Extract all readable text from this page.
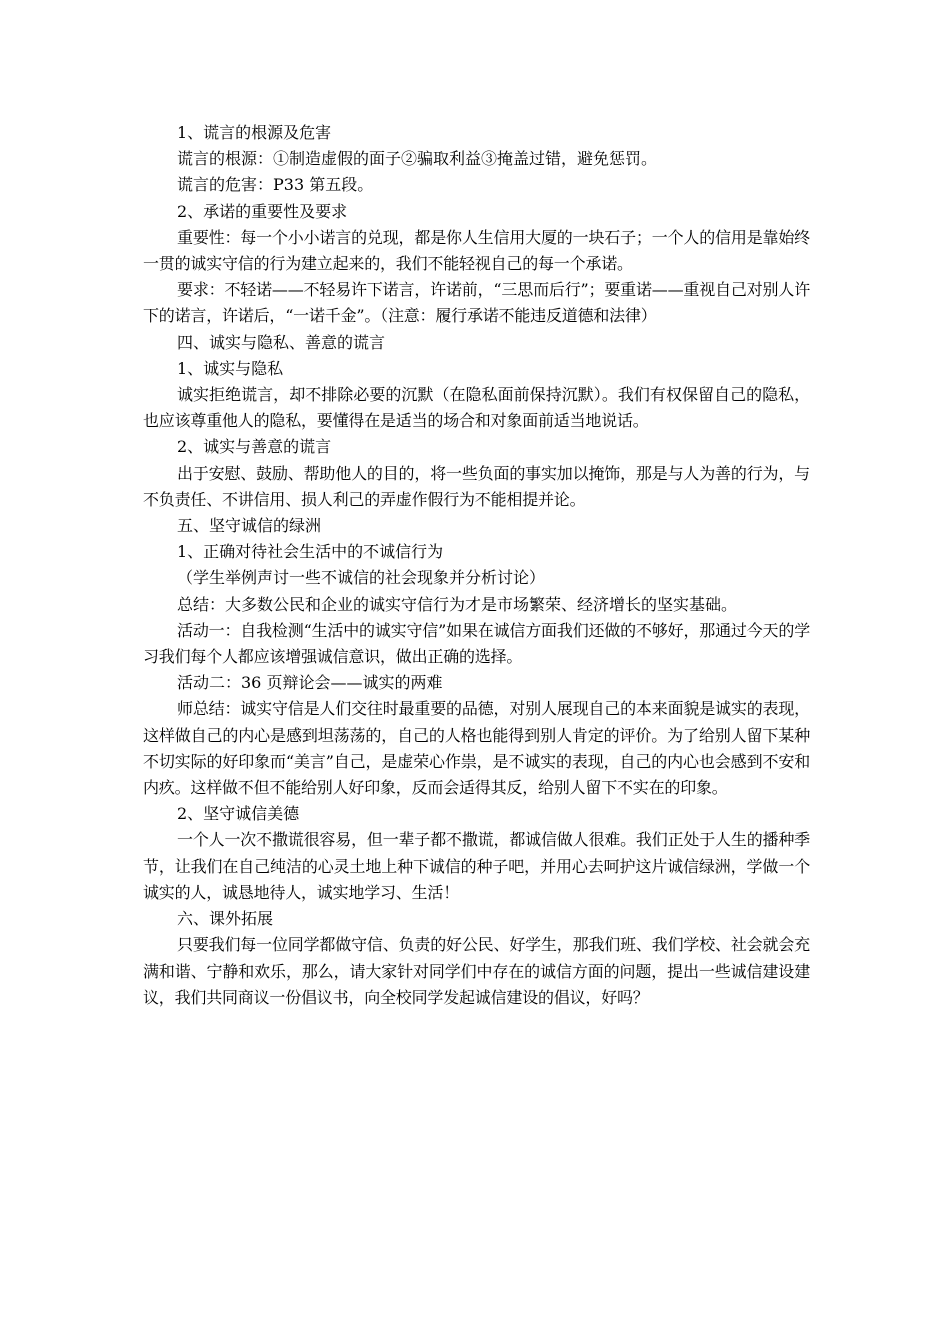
1、谎言的根源及危害

谎言的根源：①制造虚假的面子②骗取利益③掩盖过错，避免惩罚。

谎言的危害：P33 第五段。

2、承诺的重要性及要求

重要性：每一个小小诺言的兑现，都是你人生信用大厦的一块石子；一个人的信用是靠始终一贯的诚实守信的行为建立起来的，我们不能轻视自己的每一个承诺。

要求：不轻诺——不轻易许下诺言，许诺前，“三思而后行”；要重诺——重视自己对别人许下的诺言，许诺后，“一诺千金”。（注意：履行承诺不能违反道德和法律）

四、诚实与隐私、善意的谎言

1、诚实与隐私

诚实拒绝谎言，却不排除必要的沉默（在隐私面前保持沉默）。我们有权保留自己的隐私，也应该尊重他人的隐私，要懂得在是适当的场合和对象面前适当地说话。

2、诚实与善意的谎言

出于安慰、鼓励、帮助他人的目的，将一些负面的事实加以掩饰，那是与人为善的行为，与不负责任、不讲信用、损人利己的弄虚作假行为不能相提并论。

五、坚守诚信的绿洲

1、正确对待社会生活中的不诚信行为

（学生举例声讨一些不诚信的社会现象并分析讨论）

总结：大多数公民和企业的诚实守信行为才是市场繁荣、经济增长的坚实基础。

活动一：自我检测“生活中的诚实守信”如果在诚信方面我们还做的不够好，那通过今天的学习我们每个人都应该增强诚信意识，做出正确的选择。

活动二：36 页辩论会——诚实的两难

师总结：诚实守信是人们交往时最重要的品德，对别人展现自己的本来面貌是诚实的表现，这样做自己的内心是感到坦荡荡的，自己的人格也能得到别人肯定的评价。为了给别人留下某种不切实际的好印象而“美言”自己，是虚荣心作祟，是不诚实的表现，自己的内心也会感到不安和内疚。这样做不但不能给别人好印象，反而会适得其反，给别人留下不实在的印象。

2、坚守诚信美德

一个人一次不撒谎很容易，但一辈子都不撒谎，都诚信做人很难。我们正处于人生的播种季节，让我们在自己纯洁的心灵土地上种下诚信的种子吧，并用心去呵护这片诚信绿洲，学做一个诚实的人，诚恳地待人，诚实地学习、生活！

六、课外拓展

只要我们每一位同学都做守信、负责的好公民、好学生，那我们班、我们学校、社会就会充满和谐、宁静和欢乐，那么，请大家针对同学们中存在的诚信方面的问题，提出一些诚信建设建议，我们共同商议一份倡议书，向全校同学发起诚信建设的倡议，好吗？
